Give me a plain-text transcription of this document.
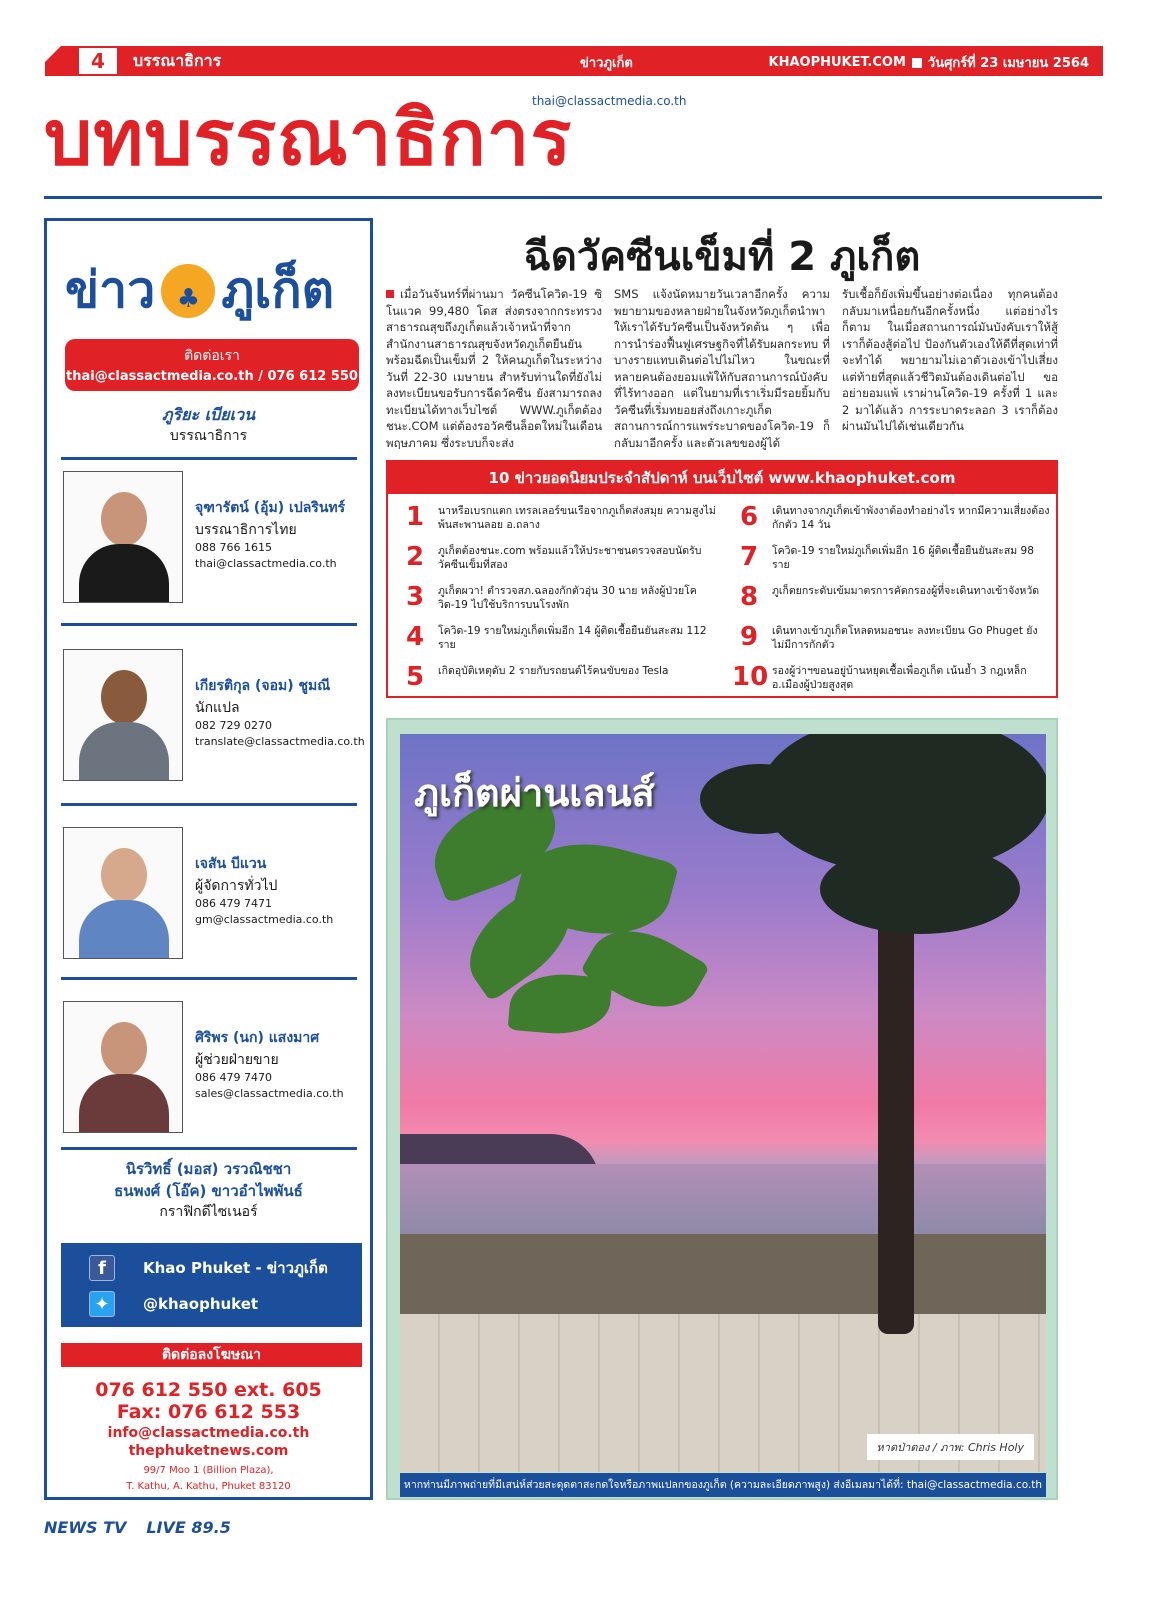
4	บรรณาธิการ	ข่าวภูเก็ต	KHAOPHUKET.COM วันศุกร์ที่ 23 เมษายน 2564
thai@classactmedia.co.th
บทบรรณาธิการ
ข่าว ♣ ภูเก็ต
ติดต่อเรา
thai@classactmedia.co.th / 076 612 550
ภูริยะ เบียเวน
บรรณาธิการ
จุฑารัตน์ (อุ้ม) เปลรินทร์
บรรณาธิการไทย
088 766 1615
thai@classactmedia.co.th
เกียรติกุล (จอม) ชูมณี
นักแปล
082 729 0270
translate@classactmedia.co.th
เจสัน บีแวน
ผู้จัดการทั่วไป
086 479 7471
gm@classactmedia.co.th
ศิริพร (นก) แสงมาศ
ผู้ช่วยฝ่ายขาย
086 479 7470
sales@classactmedia.co.th
นิรวิทธิ์ (มอส) วรวณิชชา
ธนพงศ์ (โอ๊ค) ขาวอำไพพันธ์
กราฟิกดีไซเนอร์
f	Khao Phuket - ข่าวภูเก็ต
✦	@khaophuket
ติดต่อลงโฆษณา
076 612 550 ext. 605
Fax: 076 612 553
info@classactmedia.co.th
thephuketnews.com
99/7 Moo 1 (Billion Plaza),
T. Kathu, A. Kathu, Phuket 83120
ฉีดวัคซีนเข็มที่ 2 ภูเก็ต
เมื่อวันจันทร์ที่ผ่านมา วัคซีนโควิด-19 ซิโนแวค 99,480 โดส ส่งตรงจากกระทรวงสาธารณสุขถึงภูเก็ตแล้วเจ้าหน้าที่จากสำนักงานสาธารณสุขจังหวัดภูเก็ตยืนยันพร้อมฉีดเป็นเข็มที่ 2 ให้คนภูเก็ตในระหว่างวันที่ 22-30 เมษายน สำหรับท่านใดที่ยังไม่ลงทะเบียนขอรับการฉีดวัคซีน ยังสามารถลงทะเบียนได้ทางเว็บไซต์ WWW.ภูเก็ตต้องชนะ.COM แต่ต้องรอวัคซีนล็อตใหม่ในเดือนพฤษภาคม ซึ่งระบบก็จะส่ง
SMS แจ้งนัดหมายวันเวลาอีกครั้ง ความพยายามของหลายฝ่ายในจังหวัดภูเก็ตนำพาให้เราได้รับวัคซีนเป็นจังหวัดต้น ๆ เพื่อการนำร่องฟื้นฟูเศรษฐกิจที่ได้รับผลกระทบ ที่บางรายแทบเดินต่อไปไม่ไหว ในขณะที่หลายคนต้องยอมแพ้ให้กับสถานการณ์บังคับที่ไร้ทางออก แต่ในยามที่เราเริ่มมีรอยยิ้มกับวัคซีนที่เริ่มทยอยส่งถึงเกาะภูเก็ต สถานการณ์การแพร่ระบาดของโควิด-19 ก็กลับมาอีกครั้ง และตัวเลขของผู้ได้
รับเชื้อก็ยังเพิ่มขึ้นอย่างต่อเนื่อง ทุกคนต้องกลับมาเหนื่อยกันอีกครั้งหนึ่ง แต่อย่างไรก็ตาม ในเมื่อสถานการณ์มันบังคับเราให้สู้ เราก็ต้องสู้ต่อไป ป้องกันตัวเองให้ดีที่สุดเท่าที่จะทำได้ พยายามไม่เอาตัวเองเข้าไปเสี่ยง แต่ท้ายที่สุดแล้วชีวิตมันต้องเดินต่อไป ขออย่ายอมแพ้ เราผ่านโควิด-19 ครั้งที่ 1 และ 2 มาได้แล้ว การระบาดระลอก 3 เราก็ต้องผ่านมันไปได้เช่นเดียวกัน
10 ข่าวยอดนิยมประจำสัปดาห์ บนเว็บไซต์ www.khaophuket.com
1	นาหรือเบรกแตก เทรลเลอร์ขนเรือจากภูเก็ตส่งสมุย ความสูงไม่พ้นสะพานลอย อ.ถลาง
2	ภูเก็ตต้องชนะ.com พร้อมแล้วให้ประชาชนตรวจสอบนัดรับวัคซีนเข็มที่สอง
3	ภูเก็ตผวา! ตำรวจสภ.ฉลองกักตัวอุ่น 30 นาย หลังผู้ป่วยโควิด-19 ไปใช้บริการบนโรงพัก
4	โควิด-19 รายใหม่ภูเก็ตเพิ่มอีก 14 ผู้ติดเชื้อยืนยันสะสม 112 ราย
5	เกิดอุบัติเหตุดับ 2 รายกับรถยนต์ไร้คนขับของ Tesla
6	เดินทางจากภูเก็ตเข้าพังงาต้องทำอย่างไร หากมีความเสี่ยงต้องกักตัว 14 วัน
7	โควิด-19 รายใหม่ภูเก็ตเพิ่มอีก 16 ผู้ติดเชื้อยืนยันสะสม 98 ราย
8	ภูเก็ตยกระดับเข้มมาตรการคัดกรองผู้ที่จะเดินทางเข้าจังหวัด
9	เดินทางเข้าภูเก็ตโหลดหมอชนะ ลงทะเบียน Go Phuget ยังไม่มีการกักตัว
10 รองผู้ว่าฯขอนอยู่บ้านหยุดเชื้อเพื่อภูเก็ต เน้นย้ำ 3 กฎเหล็ก อ.เมืองผู้ป่วยสูงสุด
ภูเก็ตผ่านเลนส์
หาดป่าตอง / ภาพ: Chris Holy
หากท่านมีภาพถ่ายที่มีเสน่ห์ส่วยสะดุดตาสะกดใจหรือภาพแปลกของภูเก็ต (ความละเอียดภาพสูง) ส่งอีเมลมาได้ที่: thai@classactmedia.co.th
NEWS TV LIVE 89.5
